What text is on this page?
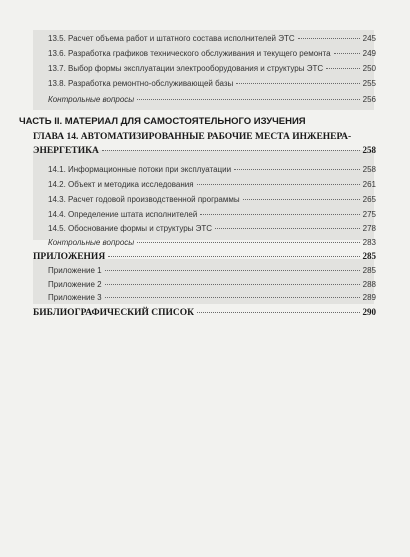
13.5. Расчет объема работ и штатного состава исполнителей ЭТС	245
13.6. Разработка графиков технического обслуживания и текущего ремонта	249
13.7. Выбор формы эксплуатации электрооборудования и структуры ЭТС	250
13.8. Разработка ремонтно-обслуживающей базы	255
Контрольные вопросы	256
ЧАСТЬ II. МАТЕРИАЛ ДЛЯ САМОСТОЯТЕЛЬНОГО ИЗУЧЕНИЯ
ГЛАВА 14. АВТОМАТИЗИРОВАННЫЕ РАБОЧИЕ МЕСТА ИНЖЕНЕРА-
ЭНЕРГЕТИКА	258
14.1. Информационные потоки при эксплуатации	258
14.2. Объект и методика исследования	261
14.3. Расчет годовой производственной программы	265
14.4. Определение штата исполнителей	275
14.5. Обоснование формы и структуры ЭТС	278
Контрольные вопросы	283
ПРИЛОЖЕНИЯ	285
Приложение 1	285
Приложение 2	288
Приложение 3	289
БИБЛИОГРАФИЧЕСКИЙ СПИСОК	290
